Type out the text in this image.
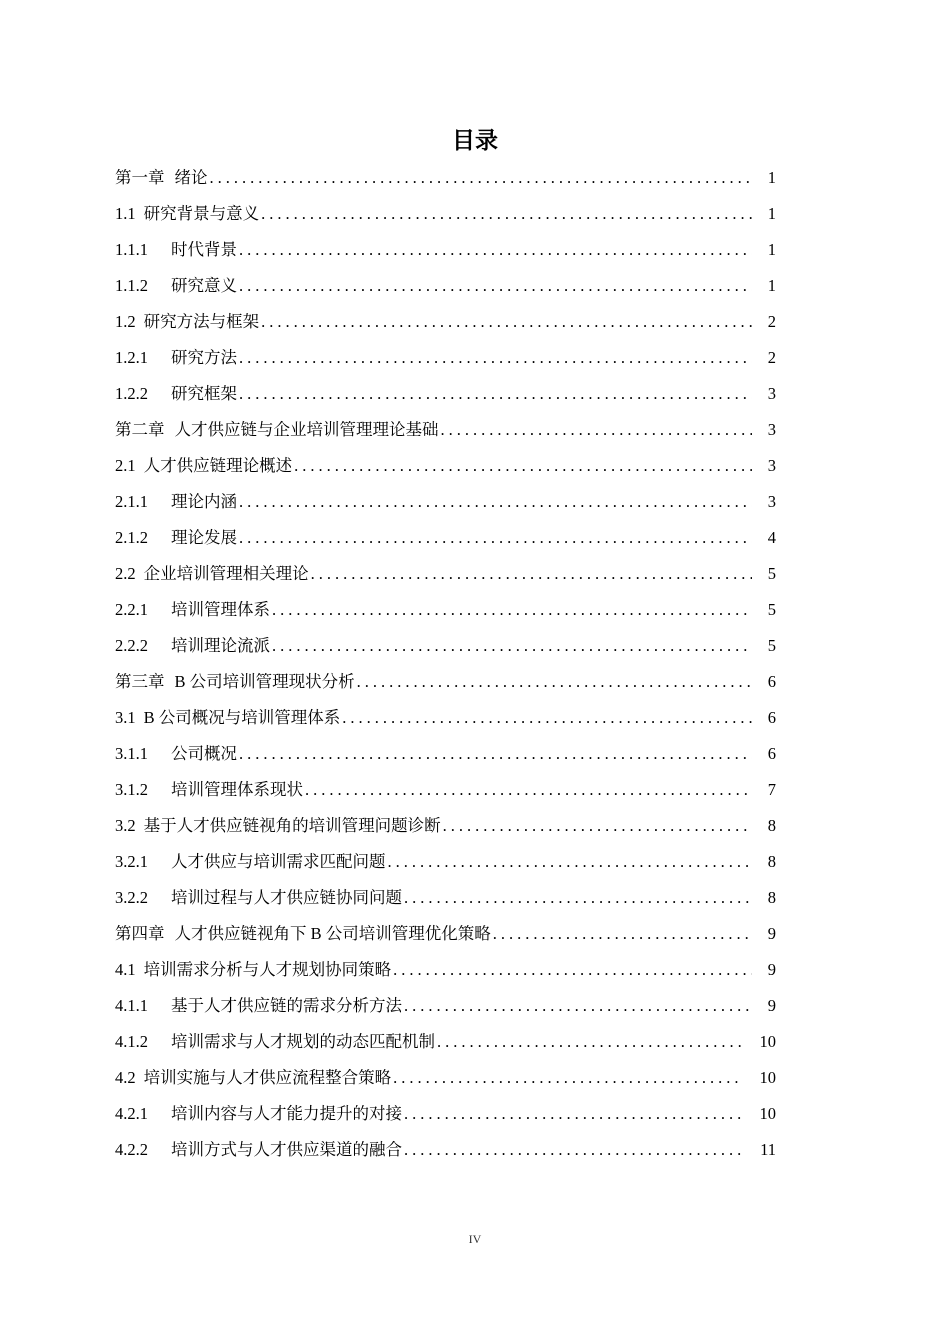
目录
第一章 绪论 .....	1
1.1 研究背景与意义 .....	1
1.1.1	时代背景 .....	1
1.1.2	研究意义 .....	1
1.2 研究方法与框架 .....	2
1.2.1	研究方法 .....	2
1.2.2	研究框架 .....	3
第二章 人才供应链与企业培训管理理论基础 .....	3
2.1 人才供应链理论概述 .....	3
2.1.1	理论内涵 .....	3
2.1.2	理论发展 .....	4
2.2 企业培训管理相关理论 .....	5
2.2.1	培训管理体系 .....	5
2.2.2	培训理论流派 .....	5
第三章 B 公司培训管理现状分析 .....	6
3.1 B 公司概况与培训管理体系 .....	6
3.1.1	公司概况 .....	6
3.1.2	培训管理体系现状 .....	7
3.2 基于人才供应链视角的培训管理问题诊断 .....	8
3.2.1	人才供应与培训需求匹配问题 .....	8
3.2.2	培训过程与人才供应链协同问题 .....	8
第四章 人才供应链视角下 B 公司培训管理优化策略 .....	9
4.1 培训需求分析与人才规划协同策略 .....	9
4.1.1	基于人才供应链的需求分析方法 .....	9
4.1.2	培训需求与人才规划的动态匹配机制 .....	10
4.2 培训实施与人才供应流程整合策略 .....	10
4.2.1	培训内容与人才能力提升的对接 .....	10
4.2.2	培训方式与人才供应渠道的融合 .....	11
IV
